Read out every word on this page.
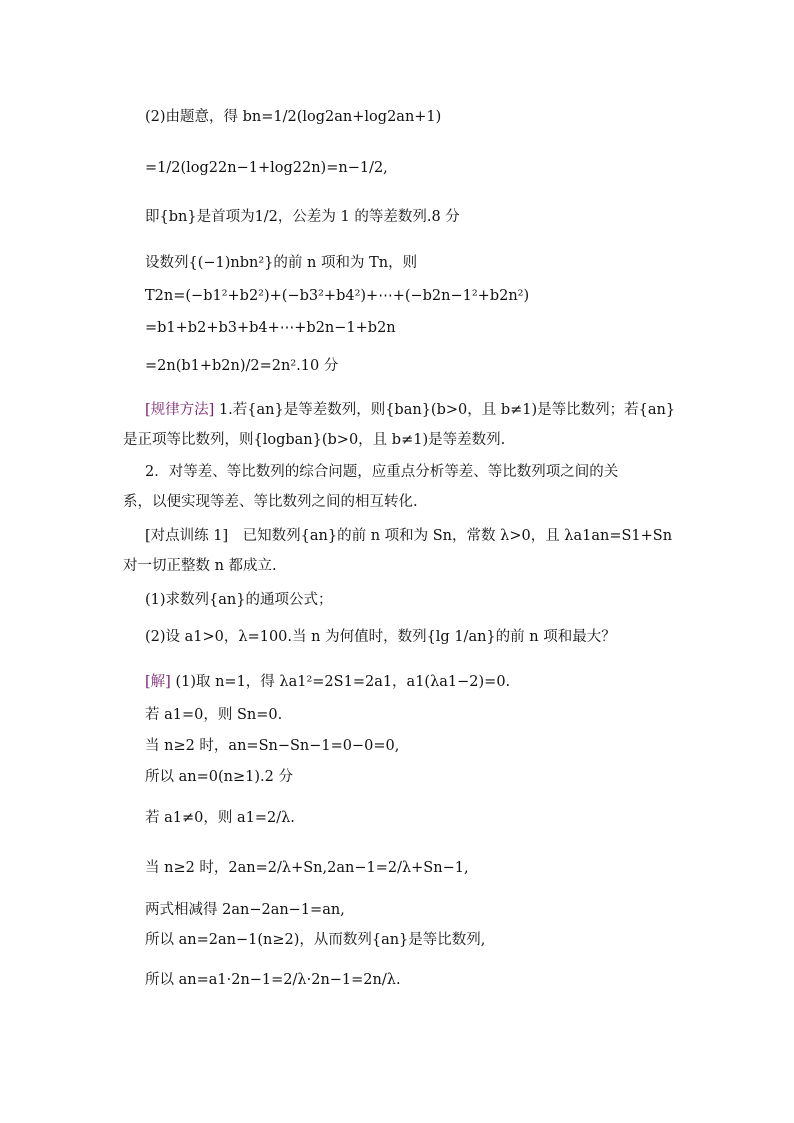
(2)由题意，得 bn=1/2(log2an+log2an+1)
=1/2(log22n−1+log22n)=n−1/2,
即{bn}是首项为1/2，公差为 1 的等差数列.8 分
设数列{(−1)nbn²}的前 n 项和为 Tn，则
T2n=(−b1²+b2²)+(−b3²+b4²)+⋯+(−b2n−1²+b2n²)
=b1+b2+b3+b4+⋯+b2n−1+b2n
=2n(b1+b2n)/2=2n².10 分
[规律方法] 1.若{an}是等差数列，则{ban}(b>0，且 b≠1)是等比数列；若{an}
是正项等比数列，则{logban}(b>0，且 b≠1)是等差数列.
2．对等差、等比数列的综合问题，应重点分析等差、等比数列项之间的关
系，以便实现等差、等比数列之间的相互转化.
[对点训练 1]　已知数列{an}的前 n 项和为 Sn，常数 λ>0，且 λa1an=S1+Sn
对一切正整数 n 都成立.
(1)求数列{an}的通项公式；
(2)设 a1>0，λ=100.当 n 为何值时，数列{lg 1/an}的前 n 项和最大？
[解] (1)取 n=1，得 λa1²=2S1=2a1，a1(λa1−2)=0.
若 a1=0，则 Sn=0.
当 n≥2 时，an=Sn−Sn−1=0−0=0,
所以 an=0(n≥1).2 分
若 a1≠0，则 a1=2/λ.
当 n≥2 时，2an=2/λ+Sn,2an−1=2/λ+Sn−1,
两式相减得 2an−2an−1=an,
所以 an=2an−1(n≥2)，从而数列{an}是等比数列,
所以 an=a1·2n−1=2/λ·2n−1=2n/λ.
